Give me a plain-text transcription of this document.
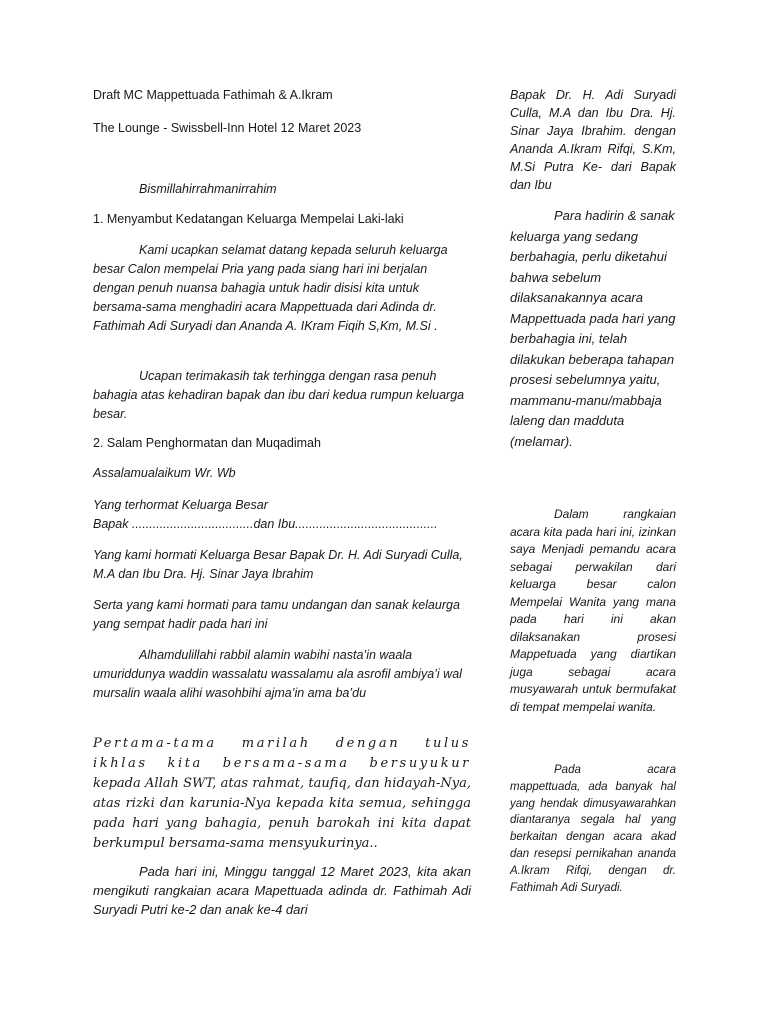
Draft MC Mappettuada Fathimah & A.Ikram

The Lounge - Swissbell-Inn Hotel 12 Maret 2023

Bismillahirrahmanirrahim

1. Menyambut Kedatangan Keluarga Mempelai Laki-laki

Kami ucapkan selamat datang kepada seluruh keluarga besar Calon mempelai Pria yang pada siang hari ini berjalan dengan penuh nuansa bahagia untuk hadir disisi kita untuk bersama-sama menghadiri acara Mappettuada dari Adinda dr. Fathimah Adi Suryadi dan Ananda A. IKram Fiqih S,Km, M.Si .

Ucapan terimakasih tak terhingga dengan rasa penuh bahagia atas kehadiran bapak dan ibu dari kedua rumpun keluarga besar.

2. Salam Penghormatan dan Muqadimah

Assalamualaikum Wr. Wb

Yang terhormat Keluarga Besar

Bapak ...................................dan Ibu.........................................

Yang kami hormati Keluarga Besar Bapak Dr. H. Adi Suryadi Culla, M.A dan Ibu Dra. Hj. Sinar Jaya Ibrahim

Serta yang kami hormati para tamu undangan dan sanak kelaurga yang sempat hadir pada hari ini

Alhamdulillahi rabbil alamin wabihi nasta’in waala umuriddunya waddin wassalatu wassalamu ala asrofil ambiya’i wal mursalin waala alihi wasohbihi ajma’in ama ba’du

Pertama-tama marilah dengan tulus ikhlas kita bersama-sama bersuyukur kepada Allah SWT, atas rahmat, taufiq, dan hidayah-Nya, atas rizki dan karunia-Nya kepada kita semua, sehingga pada hari yang bahagia, penuh barokah ini kita dapat berkumpul bersama-sama mensyukurinya..

Pada hari ini, Minggu tanggal 12 Maret 2023, kita akan mengikuti rangkaian acara Mapettuada adinda dr. Fathimah Adi Suryadi Putri ke-2 dan anak ke-4 dari

Bapak Dr. H. Adi Suryadi Culla, M.A dan Ibu Dra. Hj. Sinar Jaya Ibrahim. dengan Ananda A.Ikram Rifqi, S.Km, M.Si Putra Ke- dari Bapak dan Ibu

Para hadirin & sanak keluarga yang sedang berbahagia, perlu diketahui bahwa sebelum dilaksanakannya acara Mappettuada pada hari yang berbahagia ini, telah dilakukan beberapa tahapan prosesi sebelumnya yaitu, mammanu-manu/mabbaja laleng dan madduta (melamar).

Dalam rangkaian acara kita pada hari ini, izinkan saya Menjadi pemandu acara sebagai perwakilan dari keluarga besar calon Mempelai Wanita yang mana pada hari ini akan dilaksanakan prosesi Mappetuada yang diartikan juga sebagai acara musyawarah untuk bermufakat di tempat mempelai wanita.

Pada acara mappettuada, ada banyak hal yang hendak dimusyawarahkan diantaranya segala hal yang berkaitan dengan acara akad dan resepsi pernikahan ananda A.Ikram Rifqi, dengan dr. Fathimah Adi Suryadi.
